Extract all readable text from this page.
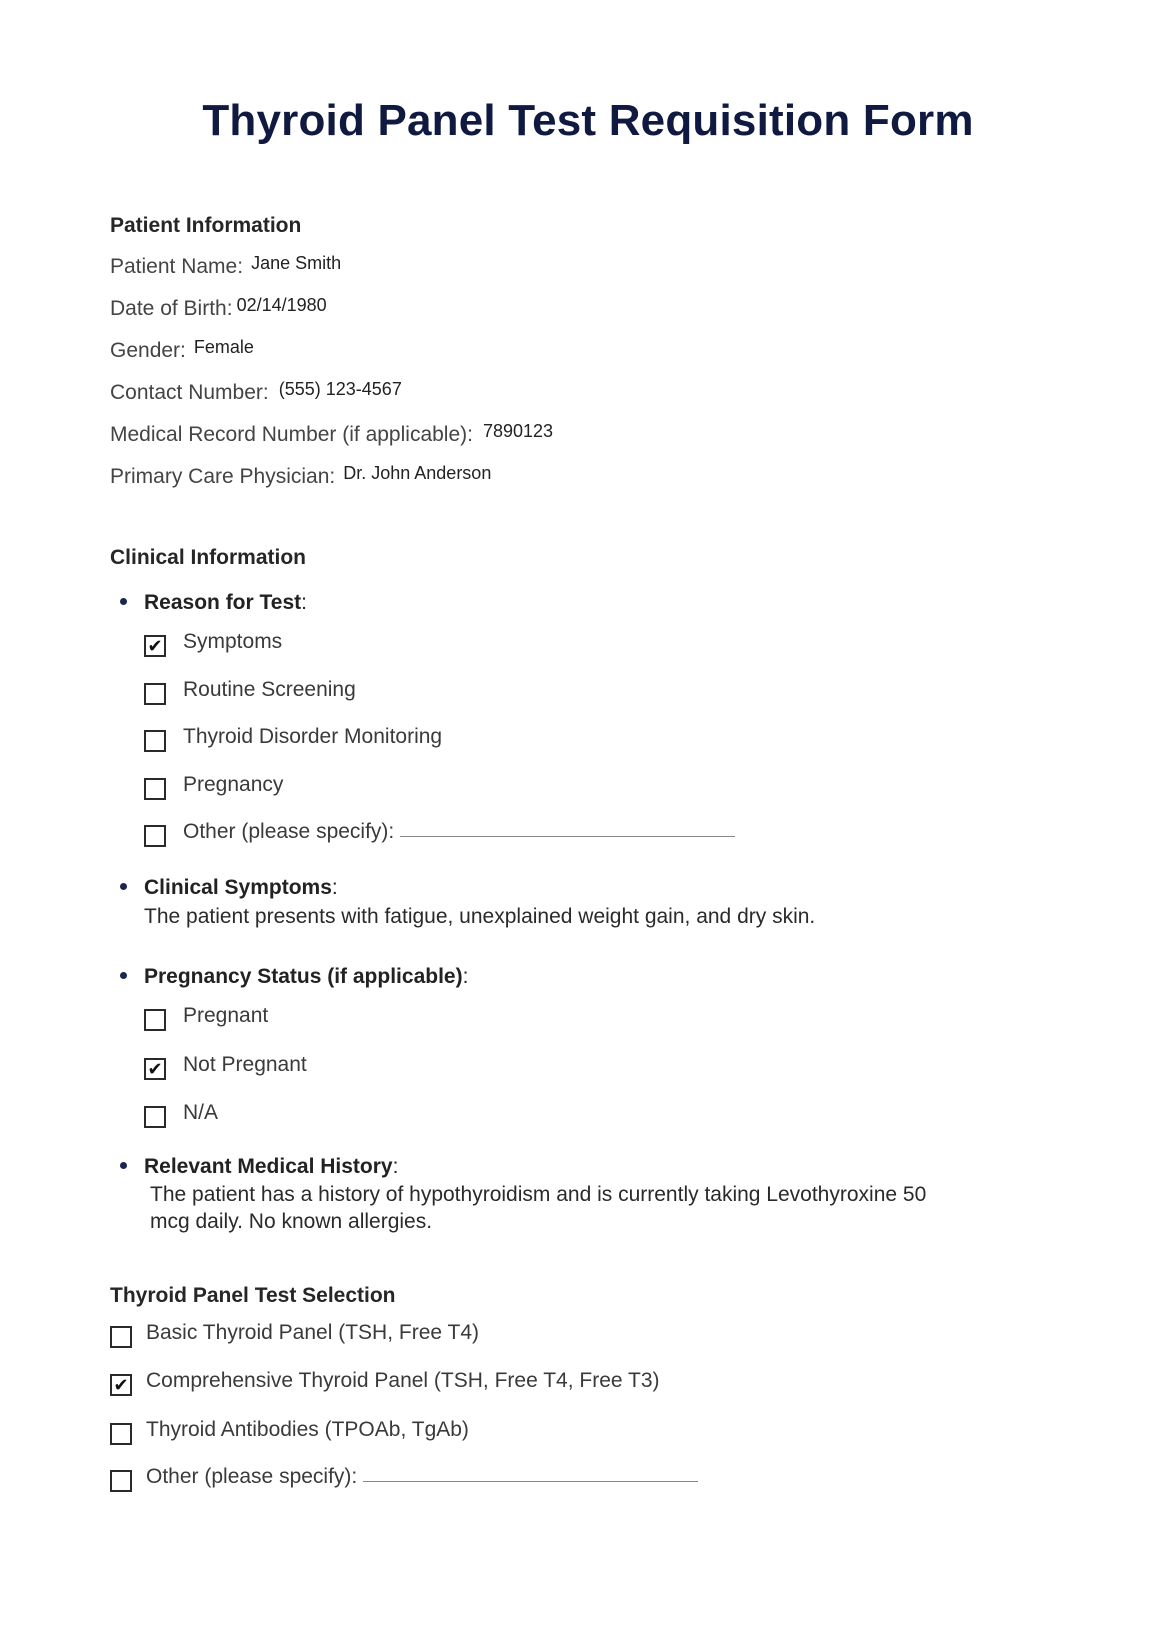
Thyroid Panel Test Requisition Form
Patient Information
Patient Name: Jane Smith
Date of Birth: 02/14/1980
Gender: Female
Contact Number: (555) 123-4567
Medical Record Number (if applicable): 7890123
Primary Care Physician: Dr. John Anderson
Clinical Information
Reason for Test:
✔ Symptoms
Routine Screening
Thyroid Disorder Monitoring
Pregnancy
Other (please specify):
Clinical Symptoms:
The patient presents with fatigue, unexplained weight gain, and dry skin.
Pregnancy Status (if applicable):
Pregnant
✔ Not Pregnant
N/A
Relevant Medical History:
The patient has a history of hypothyroidism and is currently taking Levothyroxine 50
mcg daily. No known allergies.
Thyroid Panel Test Selection
Basic Thyroid Panel (TSH, Free T4)
✔ Comprehensive Thyroid Panel (TSH, Free T4, Free T3)
Thyroid Antibodies (TPOAb, TgAb)
Other (please specify):
